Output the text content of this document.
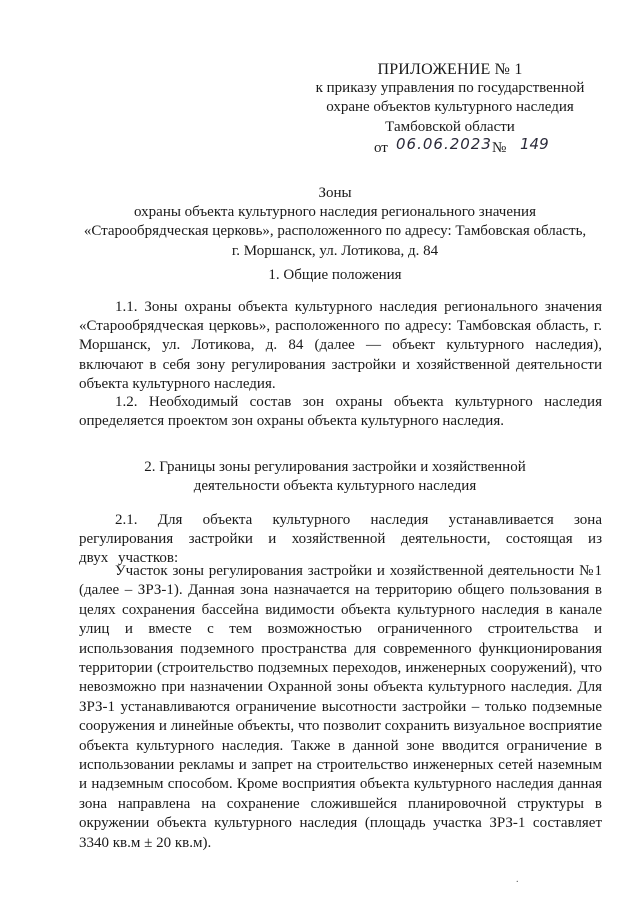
ПРИЛОЖЕНИЕ № 1
к приказу управления по государственной
охране объектов культурного наследия
Тамбовской области
от 06.06.2023 № 149
Зоны
охраны объекта культурного наследия регионального значения
«Старообрядческая церковь», расположенного по адресу: Тамбовская область,
г. Моршанск, ул. Лотикова, д. 84
1. Общие положения
1.1. Зоны охраны объекта культурного наследия регионального значения «Старообрядческая церковь», расположенного по адресу: Тамбовская область, г. Моршанск, ул. Лотикова, д. 84 (далее — объект культурного наследия), включают в себя зону регулирования застройки и хозяйственной деятельности объекта культурного наследия.
1.2. Необходимый состав зон охраны объекта культурного наследия определяется проектом зон охраны объекта культурного наследия.
2. Границы зоны регулирования застройки и хозяйственной
деятельности объекта культурного наследия
2.1. Для объекта культурного наследия устанавливается зона регулирования застройки и хозяйственной деятельности, состоящая из двух участков:
Участок зоны регулирования застройки и хозяйственной деятельности №1 (далее – ЗРЗ-1). Данная зона назначается на территорию общего пользования в целях сохранения бассейна видимости объекта культурного наследия в канале улиц и вместе с тем возможностью ограниченного строительства и использования подземного пространства для современного функционирования территории (строительство подземных переходов, инженерных сооружений), что невозможно при назначении Охранной зоны объекта культурного наследия. Для ЗРЗ-1 устанавливаются ограничение высотности застройки – только подземные сооружения и линейные объекты, что позволит сохранить визуальное восприятие объекта культурного наследия. Также в данной зоне вводится ограничение в использовании рекламы и запрет на строительство инженерных сетей наземным и надземным способом. Кроме восприятия объекта культурного наследия данная зона направлена на сохранение сложившейся планировочной структуры в окружении объекта культурного наследия (площадь участка ЗРЗ-1 составляет 3340 кв.м ± 20 кв.м).
.
